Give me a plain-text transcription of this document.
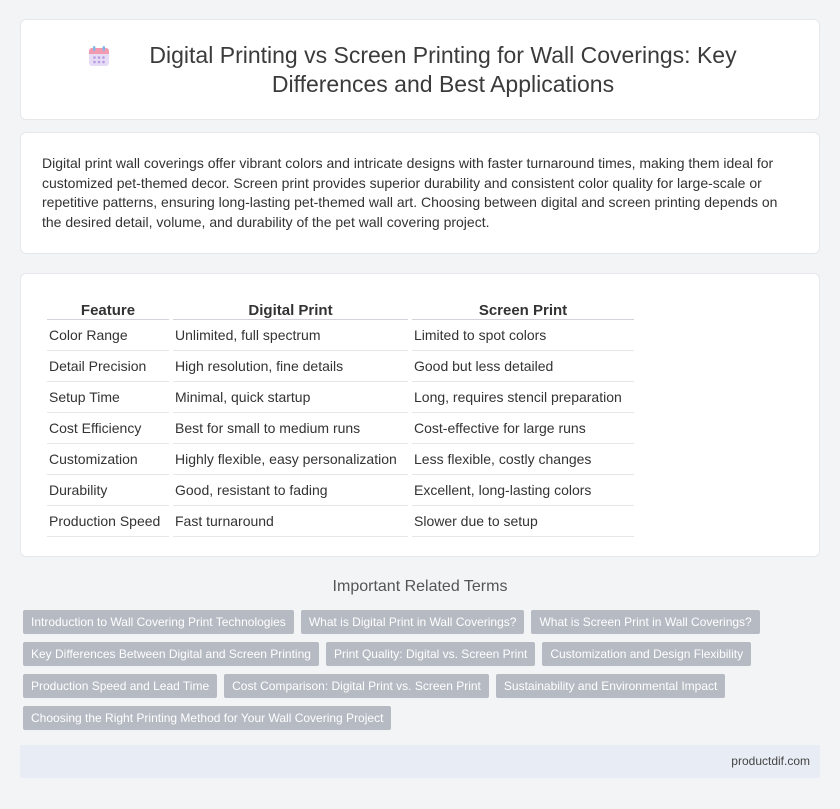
Digital Printing vs Screen Printing for Wall Coverings: Key Differences and Best Applications

Digital print wall coverings offer vibrant colors and intricate designs with faster turnaround times, making them ideal for customized pet-themed decor. Screen print provides superior durability and consistent color quality for large-scale or repetitive patterns, ensuring long-lasting pet-themed wall art. Choosing between digital and screen printing depends on the desired detail, volume, and durability of the pet wall covering project.

Feature	Digital Print	Screen Print
Color Range	Unlimited, full spectrum	Limited to spot colors
Detail Precision	High resolution, fine details	Good but less detailed
Setup Time	Minimal, quick startup	Long, requires stencil preparation
Cost Efficiency	Best for small to medium runs	Cost-effective for large runs
Customization	Highly flexible, easy personalization	Less flexible, costly changes
Durability	Good, resistant to fading	Excellent, long-lasting colors
Production Speed	Fast turnaround	Slower due to setup
Important Related Terms
Introduction to Wall Covering Print Technologies	What is Digital Print in Wall Coverings?	What is Screen Print in Wall Coverings?
Key Differences Between Digital and Screen Printing	Print Quality: Digital vs. Screen Print	Customization and Design Flexibility
Production Speed and Lead Time	Cost Comparison: Digital Print vs. Screen Print	Sustainability and Environmental Impact
Choosing the Right Printing Method for Your Wall Covering Project
productdif.com
